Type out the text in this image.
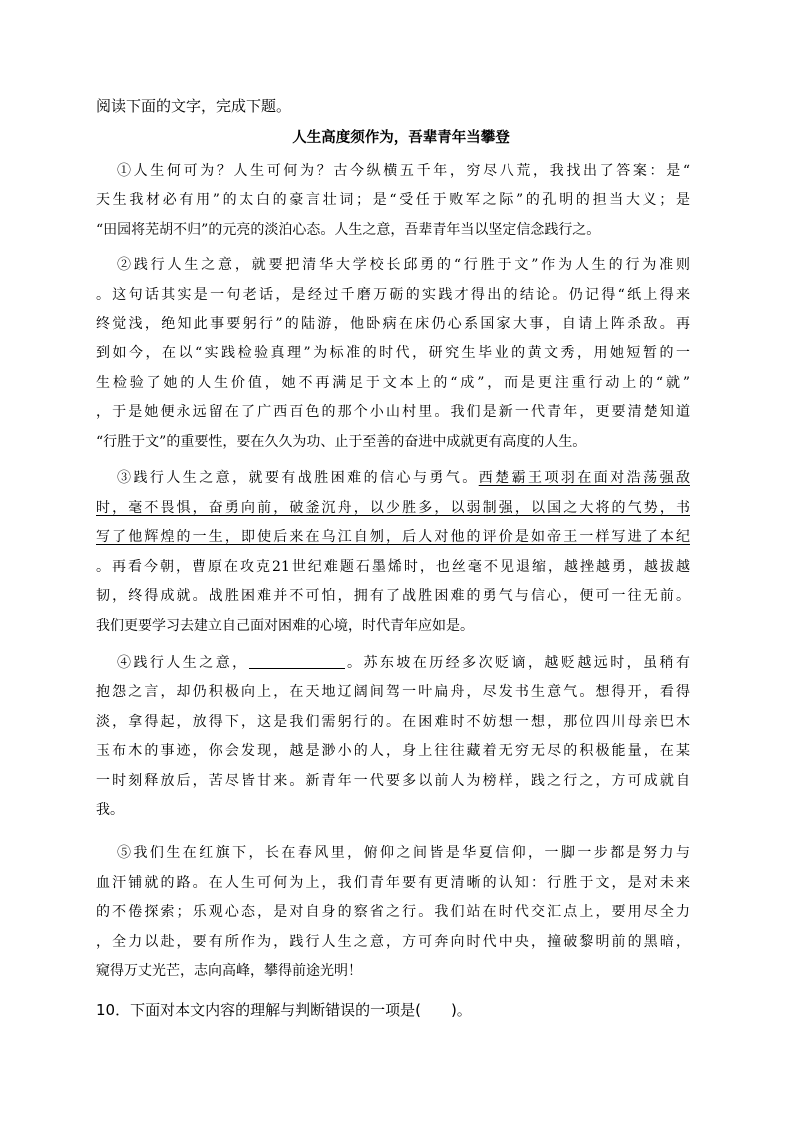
阅读下面的文字，完成下题。
人生高度须作为，吾辈青年当攀登
①人生何可为？人生可何为？古今纵横五千年，穷尽八荒，我找出了答案：是“
天生我材必有用”的太白的豪言壮词；是“受任于败军之际”的孔明的担当大义；是
“田园将芜胡不归”的元亮的淡泊心态。人生之意，吾辈青年当以坚定信念践行之。
②践行人生之意，就要把清华大学校长邱勇的“行胜于文”作为人生的行为准则
。这句话其实是一句老话，是经过千磨万砺的实践才得出的结论。仍记得“纸上得来
终觉浅，绝知此事要躬行”的陆游，他卧病在床仍心系国家大事，自请上阵杀敌。再
到如今，在以“实践检验真理”为标准的时代，研究生毕业的黄文秀，用她短暂的一
生检验了她的人生价值，她不再满足于文本上的“成”，而是更注重行动上的“就”
，于是她便永远留在了广西百色的那个小山村里。我们是新一代青年，更要清楚知道
“行胜于文”的重要性，要在久久为功、止于至善的奋进中成就更有高度的人生。
③践行人生之意，就要有战胜困难的信心与勇气。西楚霸王项羽在面对浩荡强敌
时，毫不畏惧，奋勇向前，破釜沉舟，以少胜多，以弱制强，以国之大将的气势，书
写了他辉煌的一生，即使后来在乌江自刎，后人对他的评价是如帝王一样写进了本纪
。再看今朝，曹原在攻克21世纪难题石墨烯时，也丝毫不见退缩，越挫越勇，越拔越
韧，终得成就。战胜困难并不可怕，拥有了战胜困难的勇气与信心，便可一往无前。
我们更要学习去建立自己面对困难的心境，时代青年应如是。
④践行人生之意，	。苏东坡在历经多次贬谪，越贬越远时，虽稍有
抱怨之言，却仍积极向上，在天地辽阔间驾一叶扁舟，尽发书生意气。想得开，看得
淡，拿得起，放得下，这是我们需躬行的。在困难时不妨想一想，那位四川母亲巴木
玉布木的事迹，你会发现，越是渺小的人，身上往往藏着无穷无尽的积极能量，在某
一时刻释放后，苦尽皆甘来。新青年一代要多以前人为榜样，践之行之，方可成就自
我。
⑤我们生在红旗下，长在春风里，俯仰之间皆是华夏信仰，一脚一步都是努力与
血汗铺就的路。在人生可何为上，我们青年要有更清晰的认知：行胜于文，是对未来
的不倦探索；乐观心态，是对自身的察省之行。我们站在时代交汇点上，要用尽全力
，全力以赴，要有所作为，践行人生之意，方可奔向时代中央，撞破黎明前的黑暗，
窥得万丈光芒，志向高峰，攀得前途光明！
10．下面对本文内容的理解与判断错误的一项是(　　)。
